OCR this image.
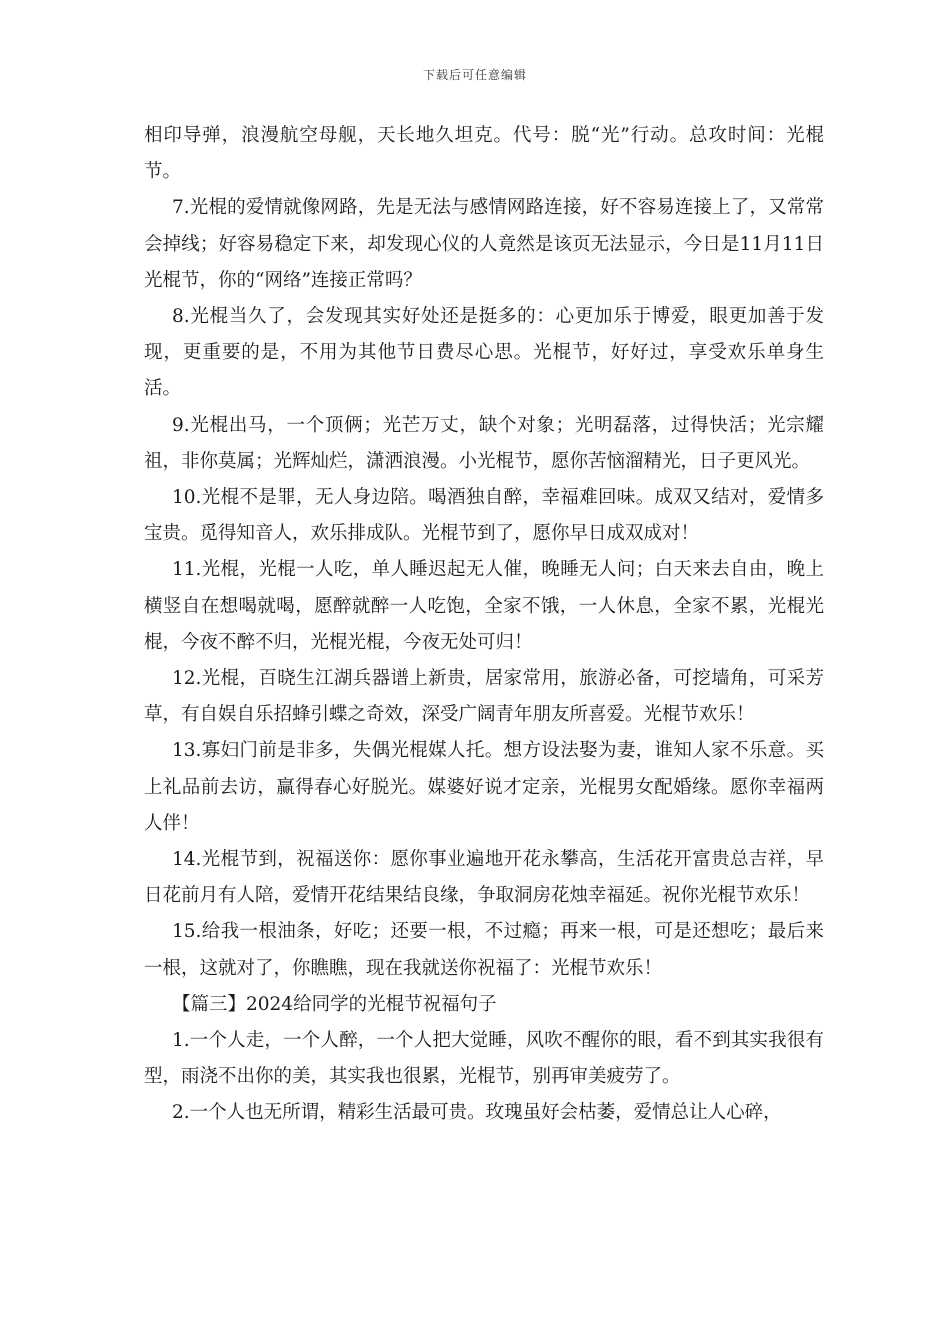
下载后可任意编辑

相印导弹，浪漫航空母舰，天长地久坦克。代号：脱“光”行动。总攻时间：光棍节。

7.光棍的爱情就像网路，先是无法与感情网路连接，好不容易连接上了，又常常会掉线；好容易稳定下来，却发现心仪的人竟然是该页无法显示，今日是11月11日光棍节，你的“网络”连接正常吗？

8.光棍当久了，会发现其实好处还是挺多的：心更加乐于博爱，眼更加善于发现，更重要的是，不用为其他节日费尽心思。光棍节，好好过，享受欢乐单身生活。

9.光棍出马，一个顶俩；光芒万丈，缺个对象；光明磊落，过得快活；光宗耀祖，非你莫属；光辉灿烂，潇洒浪漫。小光棍节，愿你苦恼溜精光，日子更风光。

10.光棍不是罪，无人身边陪。喝酒独自醉，幸福难回味。成双又结对，爱情多宝贵。觅得知音人，欢乐排成队。光棍节到了，愿你早日成双成对！

11.光棍，光棍一人吃，单人睡迟起无人催，晚睡无人问；白天来去自由，晚上横竖自在想喝就喝，愿醉就醉一人吃饱，全家不饿，一人休息，全家不累，光棍光棍，今夜不醉不归，光棍光棍，今夜无处可归！

12.光棍，百晓生江湖兵器谱上新贵，居家常用，旅游必备，可挖墙角，可采芳草，有自娱自乐招蜂引蝶之奇效，深受广阔青年朋友所喜爱。光棍节欢乐！

13.寡妇门前是非多，失偶光棍媒人托。想方设法娶为妻，谁知人家不乐意。买上礼品前去访，赢得春心好脱光。媒婆好说才定亲，光棍男女配婚缘。愿你幸福两人伴！

14.光棍节到，祝福送你：愿你事业遍地开花永攀高，生活花开富贵总吉祥，早日花前月有人陪，爱情开花结果结良缘，争取洞房花烛幸福延。祝你光棍节欢乐！

15.给我一根油条，好吃；还要一根，不过瘾；再来一根，可是还想吃；最后来一根，这就对了，你瞧瞧，现在我就送你祝福了：光棍节欢乐！

【篇三】2024给同学的光棍节祝福句子

1.一个人走，一个人醉，一个人把大觉睡，风吹不醒你的眼，看不到其实我很有型，雨浇不出你的美，其实我也很累，光棍节，别再审美疲劳了。

2.一个人也无所谓，精彩生活最可贵。玫瑰虽好会枯萎，爱情总让人心碎，
